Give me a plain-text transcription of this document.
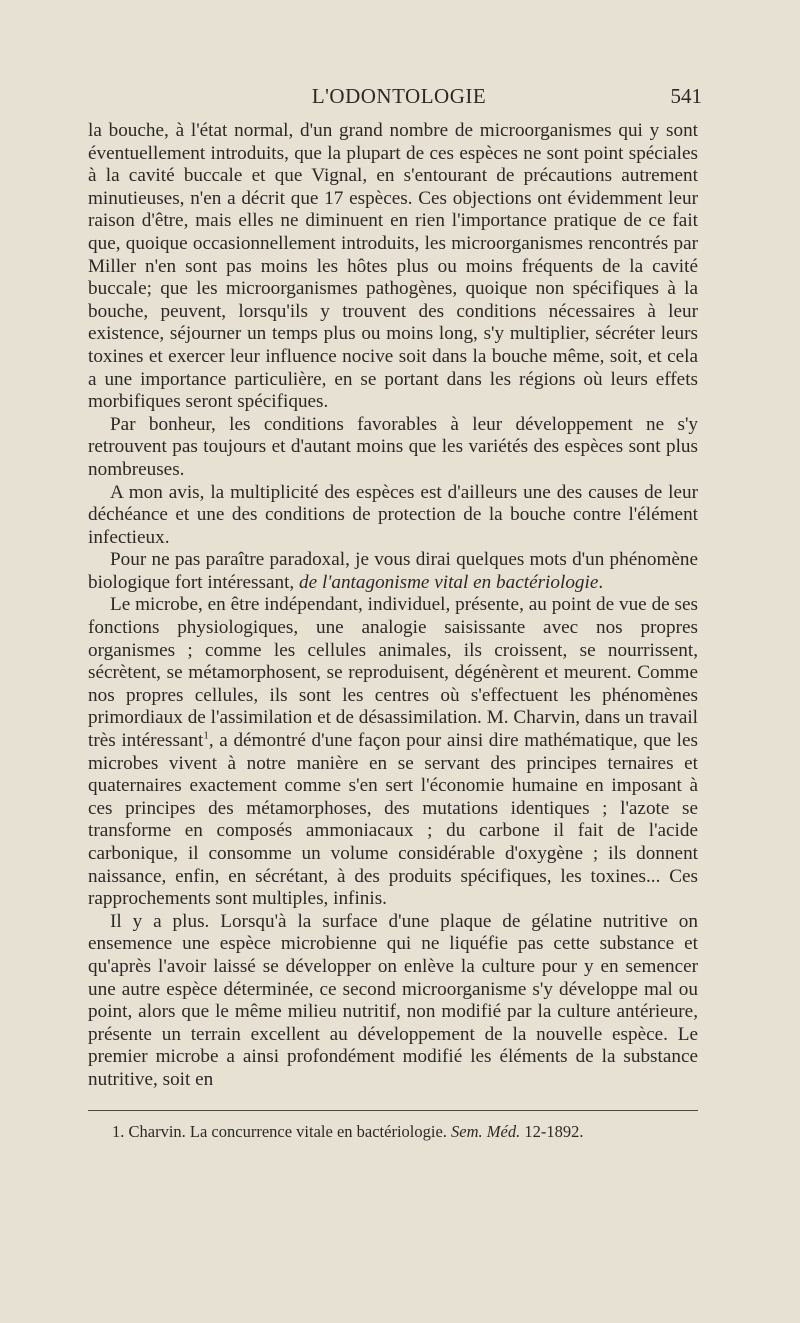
L'ODONTOLOGIE	541

la bouche, à l'état normal, d'un grand nombre de microorganismes qui y sont éventuellement introduits, que la plupart de ces espèces ne sont point spéciales à la cavité buccale et que Vignal, en s'entourant de précautions autrement minutieuses, n'en a décrit que 17 espèces. Ces objections ont évidemment leur raison d'être, mais elles ne diminuent en rien l'importance pratique de ce fait que, quoique occasionnellement introduits, les microorganismes rencontrés par Miller n'en sont pas moins les hôtes plus ou moins fréquents de la cavité buccale; que les microorganismes pathogènes, quoique non spécifiques à la bouche, peuvent, lorsqu'ils y trouvent des conditions nécessaires à leur existence, séjourner un temps plus ou moins long, s'y multiplier, sécréter leurs toxines et exercer leur influence nocive soit dans la bouche même, soit, et cela a une importance particulière, en se portant dans les régions où leurs effets morbifiques seront spécifiques.

Par bonheur, les conditions favorables à leur développement ne s'y retrouvent pas toujours et d'autant moins que les variétés des espèces sont plus nombreuses.

A mon avis, la multiplicité des espèces est d'ailleurs une des causes de leur déchéance et une des conditions de protection de la bouche contre l'élément infectieux.

Pour ne pas paraître paradoxal, je vous dirai quelques mots d'un phénomène biologique fort intéressant, de l'antagonisme vital en bactériologie.

Le microbe, en être indépendant, individuel, présente, au point de vue de ses fonctions physiologiques, une analogie saisissante avec nos propres organismes ; comme les cellules animales, ils croissent, se nourrissent, sécrètent, se métamorphosent, se reproduisent, dégénèrent et meurent. Comme nos propres cellules, ils sont les centres où s'effectuent les phénomènes primordiaux de l'assimilation et de désassimilation. M. Charvin, dans un travail très intéressant$^1$, a démontré d'une façon pour ainsi dire mathématique, que les microbes vivent à notre manière en se servant des principes ternaires et quaternaires exactement comme s'en sert l'économie humaine en imposant à ces principes des métamorphoses, des mutations identiques ; l'azote se transforme en composés ammoniacaux ; du carbone il fait de l'acide carbonique, il consomme un volume considérable d'oxygène ; ils donnent naissance, enfin, en sécrétant, à des produits spécifiques, les toxines... Ces rapprochements sont multiples, infinis.

Il y a plus. Lorsqu'à la surface d'une plaque de gélatine nutritive on ensemence une espèce microbienne qui ne liquéfie pas cette substance et qu'après l'avoir laissé se développer on enlève la culture pour y en semencer une autre espèce déterminée, ce second microorganisme s'y développe mal ou point, alors que le même milieu nutritif, non modifié par la culture antérieure, présente un terrain excellent au développement de la nouvelle espèce. Le premier microbe a ainsi profondément modifié les éléments de la substance nutritive, soit en

1. Charvin. La concurrence vitale en bactériologie. Sem. Méd. 12-1892.
